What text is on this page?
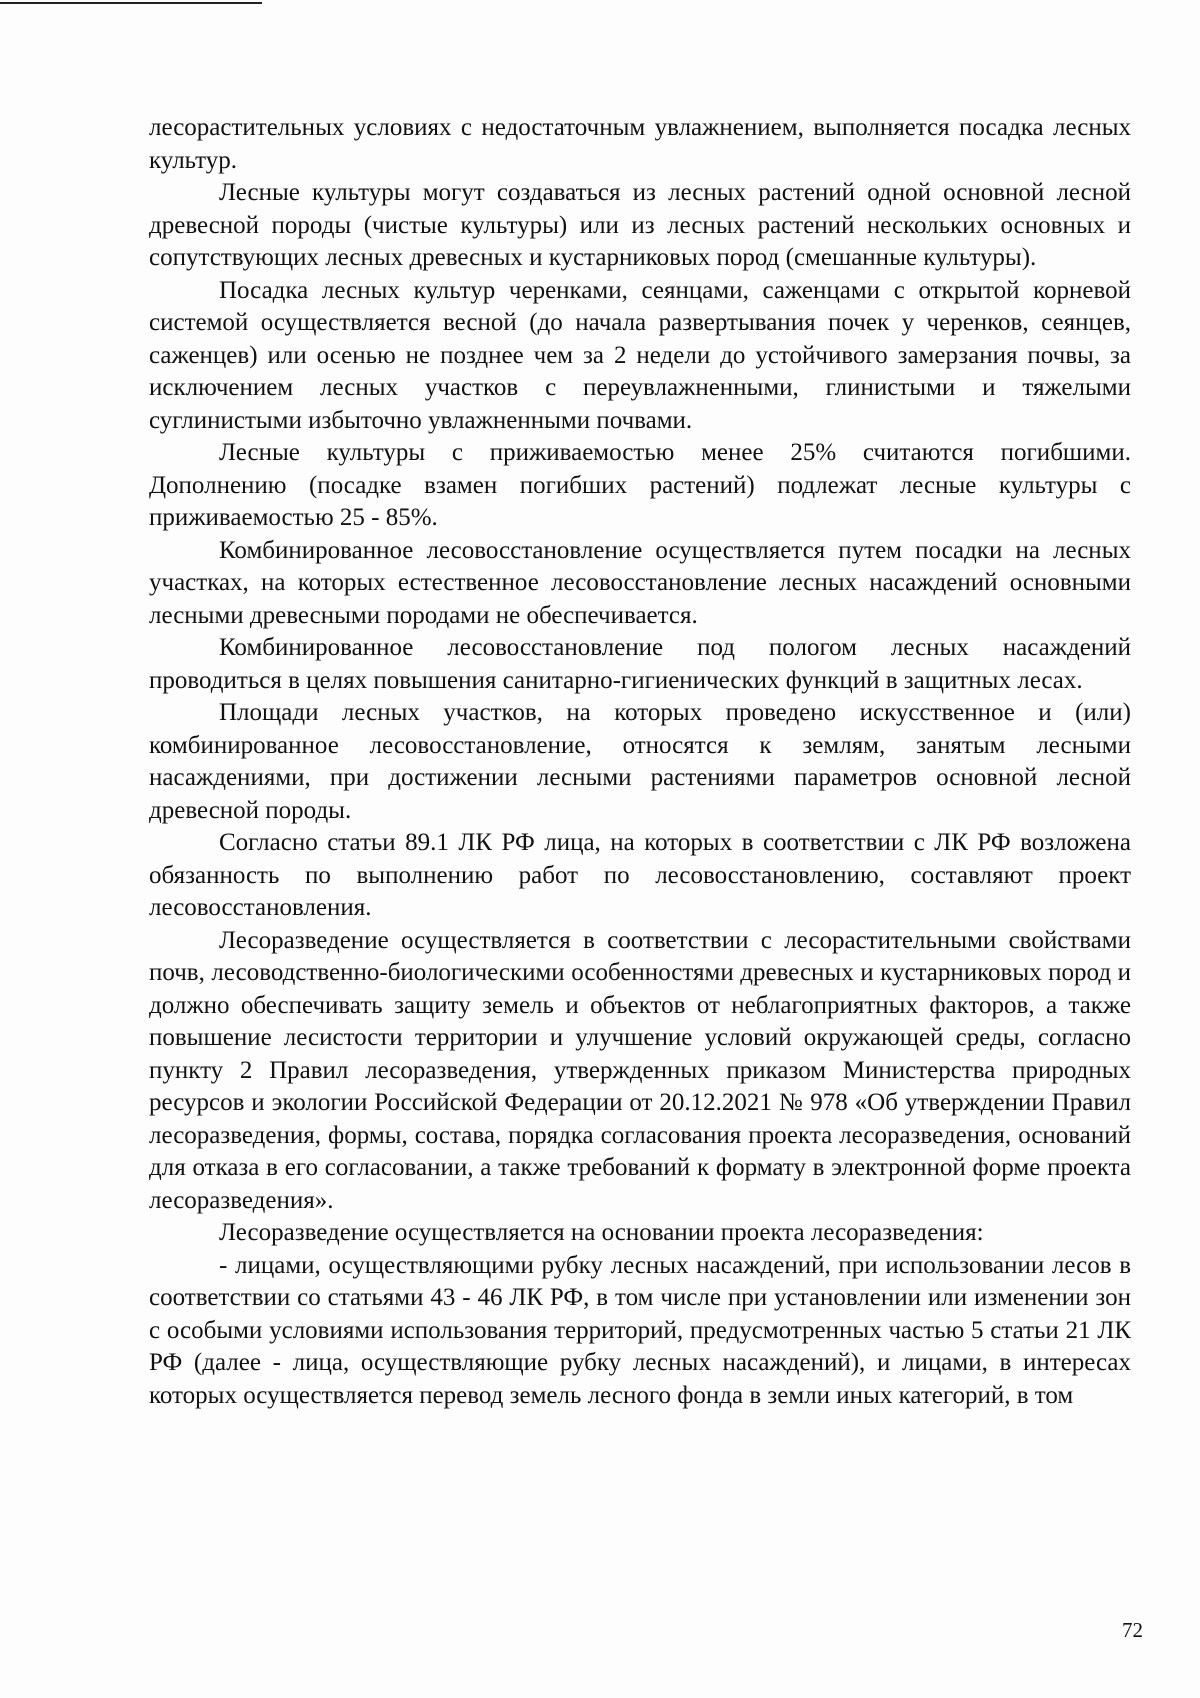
лесорастительных условиях с недостаточным увлажнением, выполняется посадка лесных культур.

Лесные культуры могут создаваться из лесных растений одной основной лесной древесной породы (чистые культуры) или из лесных растений нескольких основных и сопутствующих лесных древесных и кустарниковых пород (смешанные культуры).

Посадка лесных культур черенками, сеянцами, саженцами с открытой корневой системой осуществляется весной (до начала развертывания почек у черенков, сеянцев, саженцев) или осенью не позднее чем за 2 недели до устойчивого замерзания почвы, за исключением лесных участков с переувлажненными, глинистыми и тяжелыми суглинистыми избыточно увлажненными почвами.

Лесные культуры с приживаемостью менее 25% считаются погибшими. Дополнению (посадке взамен погибших растений) подлежат лесные культуры с приживаемостью 25 - 85%.

Комбинированное лесовосстановление осуществляется путем посадки на лесных участках, на которых естественное лесовосстановление лесных насаждений основными лесными древесными породами не обеспечивается.

Комбинированное лесовосстановление под пологом лесных насаждений проводиться в целях повышения санитарно-гигиенических функций в защитных лесах.

Площади лесных участков, на которых проведено искусственное и (или) комбинированное лесовосстановление, относятся к землям, занятым лесными насаждениями, при достижении лесными растениями параметров основной лесной древесной породы.

Согласно статьи 89.1 ЛК РФ лица, на которых в соответствии с ЛК РФ возложена обязанность по выполнению работ по лесовосстановлению, составляют проект лесовосстановления.

Лесоразведение осуществляется в соответствии с лесорастительными свойствами почв, лесоводственно-биологическими особенностями древесных и кустарниковых пород и должно обеспечивать защиту земель и объектов от неблагоприятных факторов, а также повышение лесистости территории и улучшение условий окружающей среды, согласно пункту 2 Правил лесоразведения, утвержденных приказом Министерства природных ресурсов и экологии Российской Федерации от 20.12.2021 № 978 «Об утверждении Правил лесоразведения, формы, состава, порядка согласования проекта лесоразведения, оснований для отказа в его согласовании, а также требований к формату в электронной форме проекта лесоразведения».

Лесоразведение осуществляется на основании проекта лесоразведения:

- лицами, осуществляющими рубку лесных насаждений, при использовании лесов в соответствии со статьями 43 - 46 ЛК РФ, в том числе при установлении или изменении зон с особыми условиями использования территорий, предусмотренных частью 5 статьи 21 ЛК РФ (далее - лица, осуществляющие рубку лесных насаждений), и лицами, в интересах которых осуществляется перевод земель лесного фонда в земли иных категорий, в том

72
